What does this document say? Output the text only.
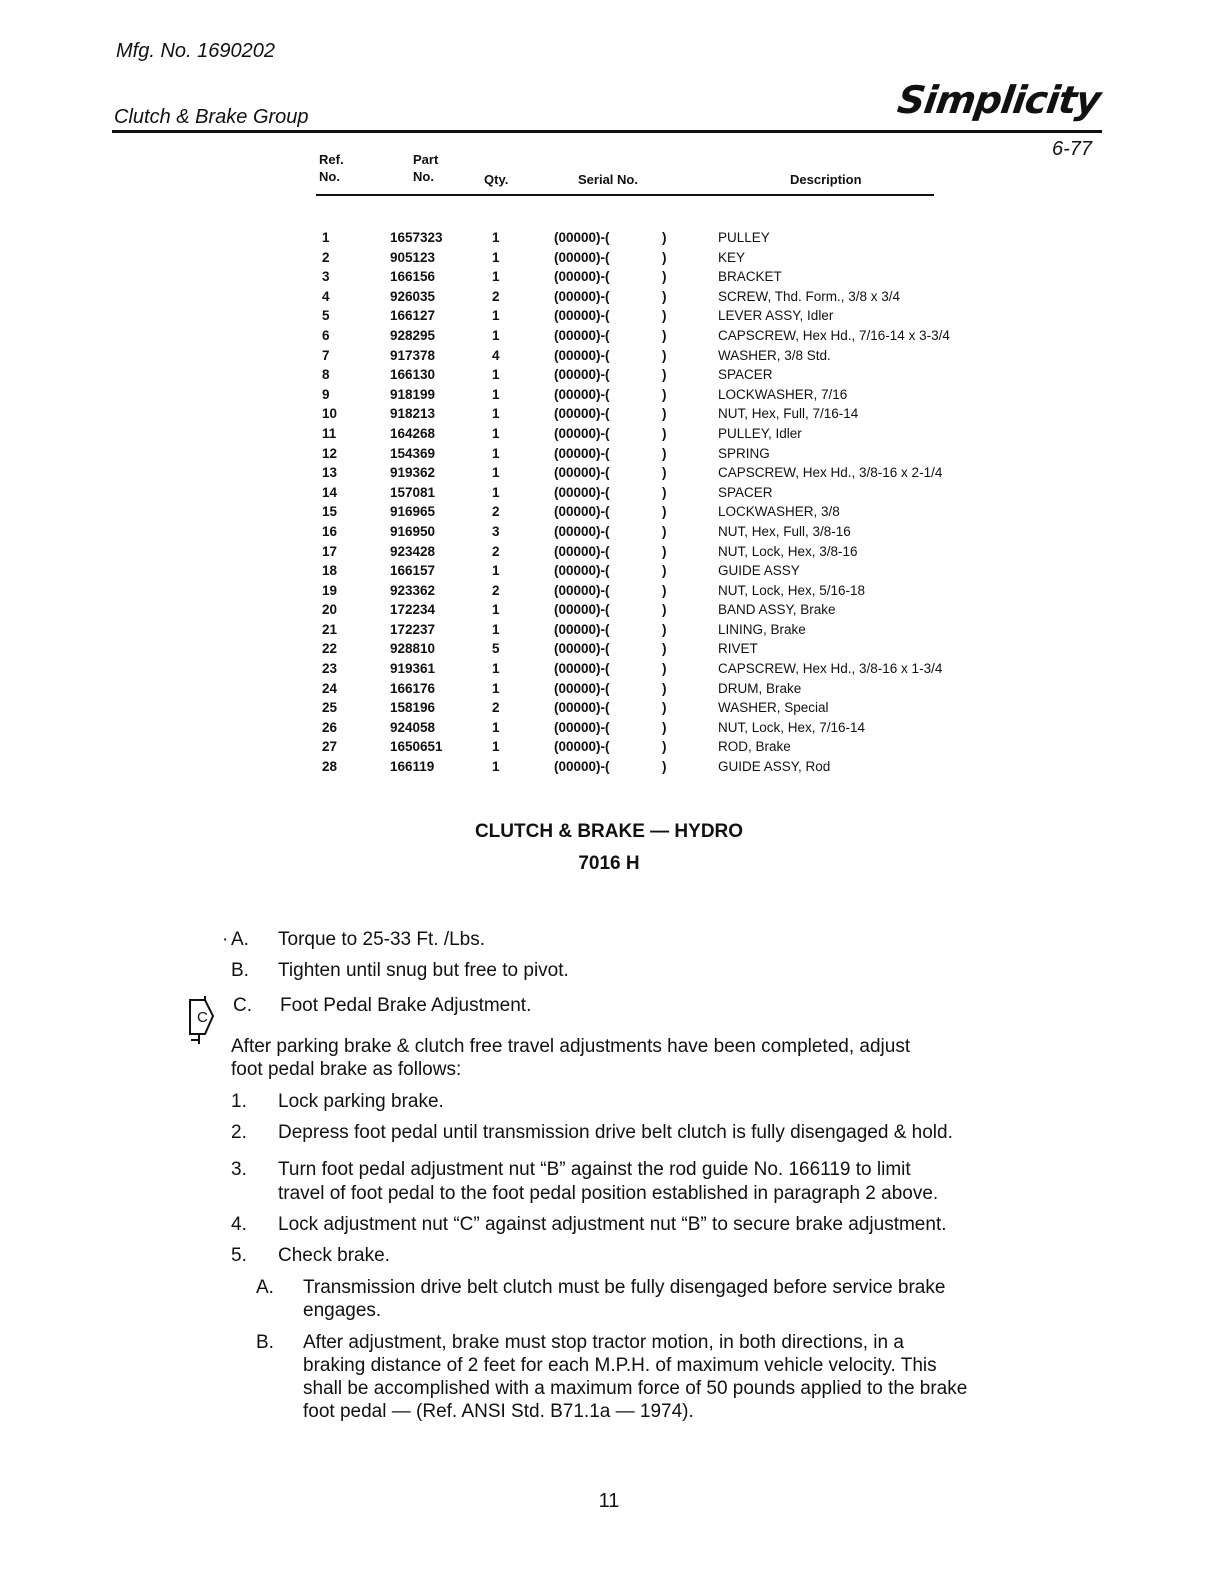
Mfg. No. 1690202
Clutch & Brake Group	Simplicity
6-77
Ref.
No.
Part
No.	Qty.	Serial No.	Description
1	1657323	1	(00000)-(	)	PULLEY
2	905123	1	(00000)-(	)	KEY
3	166156	1	(00000)-(	)	BRACKET
4	926035	2	(00000)-(	)	SCREW, Thd. Form., 3/8 x 3/4
5	166127	1	(00000)-(	)	LEVER ASSY, Idler
6	928295	1	(00000)-(	)	CAPSCREW, Hex Hd., 7/16-14 x 3-3/4
7	917378	4	(00000)-(	)	WASHER, 3/8 Std.
8	166130	1	(00000)-(	)	SPACER
9	918199	1	(00000)-(	)	LOCKWASHER, 7/16
10	918213	1	(00000)-(	)	NUT, Hex, Full, 7/16-14
11	164268	1	(00000)-(	)	PULLEY, Idler
12	154369	1	(00000)-(	)	SPRING
13	919362	1	(00000)-(	)	CAPSCREW, Hex Hd., 3/8-16 x 2-1/4
14	157081	1	(00000)-(	)	SPACER
15	916965	2	(00000)-(	)	LOCKWASHER, 3/8
16	916950	3	(00000)-(	)	NUT, Hex, Full, 3/8-16
17	923428	2	(00000)-(	)	NUT, Lock, Hex, 3/8-16
18	166157	1	(00000)-(	)	GUIDE ASSY
19	923362	2	(00000)-(	)	NUT, Lock, Hex, 5/16-18
20	172234	1	(00000)-(	)	BAND ASSY, Brake
21	172237	1	(00000)-(	)	LINING, Brake
22	928810	5	(00000)-(	)	RIVET
23	919361	1	(00000)-(	)	CAPSCREW, Hex Hd., 3/8-16 x 1-3/4
24	166176	1	(00000)-(	)	DRUM, Brake
25	158196	2	(00000)-(	)	WASHER, Special
26	924058	1	(00000)-(	)	NUT, Lock, Hex, 7/16-14
27	1650651	1	(00000)-(	)	ROD, Brake
28	166119	1	(00000)-(	)	GUIDE ASSY, Rod
CLUTCH & BRAKE — HYDRO
7016 H
· A. Torque to 25-33 Ft. /Lbs.
B. Tighten until snug but free to pivot.
C
C. Foot Pedal Brake Adjustment.
After parking brake & clutch free travel adjustments have been completed, adjust
foot pedal brake as follows:
1. Lock parking brake.
2. Depress foot pedal until transmission drive belt clutch is fully disengaged & hold.
3. Turn foot pedal adjustment nut “B” against the rod guide No. 166119 to limit
travel of foot pedal to the foot pedal position established in paragraph 2 above.
4. Lock adjustment nut “C” against adjustment nut “B” to secure brake adjustment.
5. Check brake.
A. Transmission drive belt clutch must be fully disengaged before service brake
engages.
B. After adjustment, brake must stop tractor motion, in both directions, in a
braking distance of 2 feet for each M.P.H. of maximum vehicle velocity. This
shall be accomplished with a maximum force of 50 pounds applied to the brake
foot pedal — (Ref. ANSI Std. B71.1a — 1974).
11
